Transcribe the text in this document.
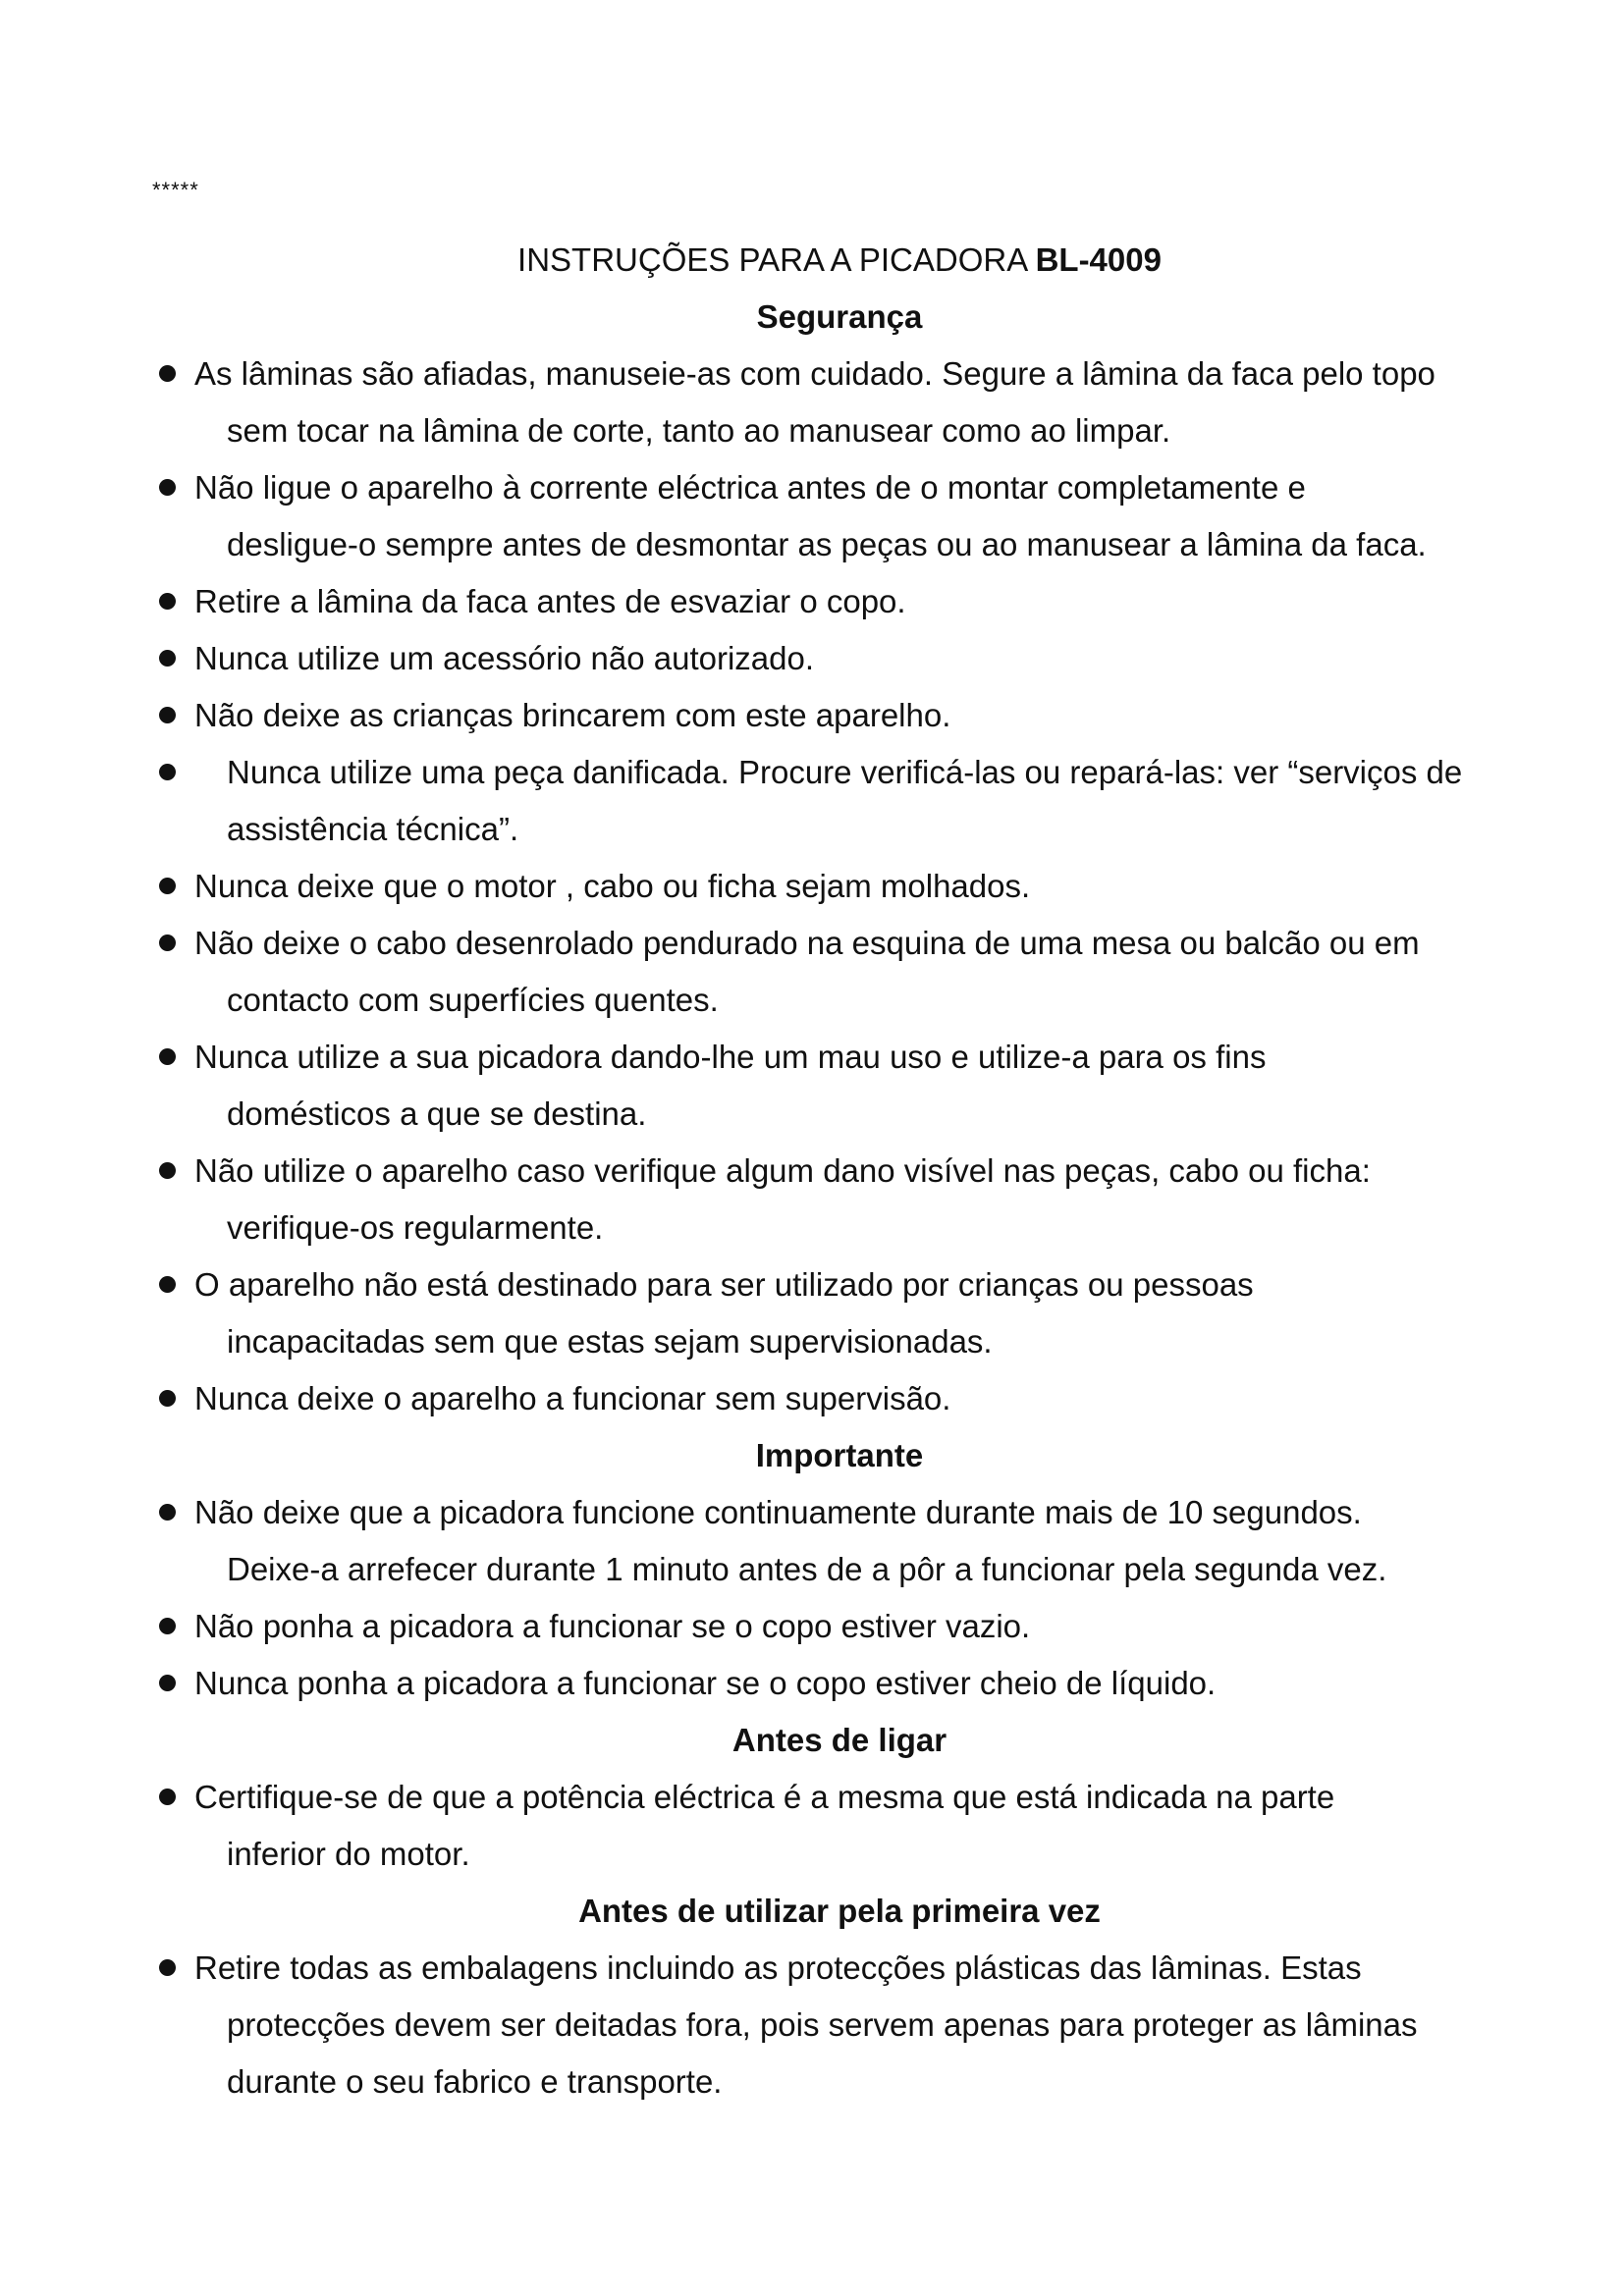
*****
INSTRUÇÕES PARA A PICADORA BL-4009
Segurança
As lâminas são afiadas, manuseie-as com cuidado. Segure a lâmina da faca pelo topo
sem tocar na lâmina de corte, tanto ao manusear como ao limpar.
Não ligue o aparelho à corrente eléctrica antes de o montar completamente e
desligue-o sempre antes de desmontar as peças ou ao manusear a lâmina da faca.
Retire a lâmina da faca antes de esvaziar o copo.
Nunca utilize um acessório não autorizado.
Não deixe as crianças brincarem com este aparelho.
Nunca utilize uma peça danificada. Procure verificá-las ou repará-las: ver “serviços de
assistência técnica”.
Nunca deixe que o motor , cabo ou ficha sejam molhados.
Não deixe o cabo desenrolado pendurado na esquina de uma mesa ou balcão ou em
contacto com superfícies quentes.
Nunca utilize a sua picadora dando-lhe um mau uso e utilize-a para os fins
domésticos a que se destina.
Não utilize o aparelho caso verifique algum dano visível nas peças, cabo ou ficha:
verifique-os regularmente.
O aparelho não está destinado para ser utilizado por crianças ou pessoas
incapacitadas sem que estas sejam supervisionadas.
Nunca deixe o aparelho a funcionar sem supervisão.
Importante
Não deixe que a picadora funcione continuamente durante mais de 10 segundos.
Deixe-a arrefecer durante 1 minuto antes de a pôr a funcionar pela segunda vez.
Não ponha a picadora a funcionar se o copo estiver vazio.
Nunca ponha a picadora a funcionar se o copo estiver cheio de líquido.
Antes de ligar
Certifique-se de que a potência eléctrica é a mesma que está indicada na parte
inferior do motor.
Antes de utilizar pela primeira vez
Retire todas as embalagens incluindo as protecções plásticas das lâminas. Estas
protecções devem ser deitadas fora, pois servem apenas para proteger as lâminas
durante o seu fabrico e transporte.
